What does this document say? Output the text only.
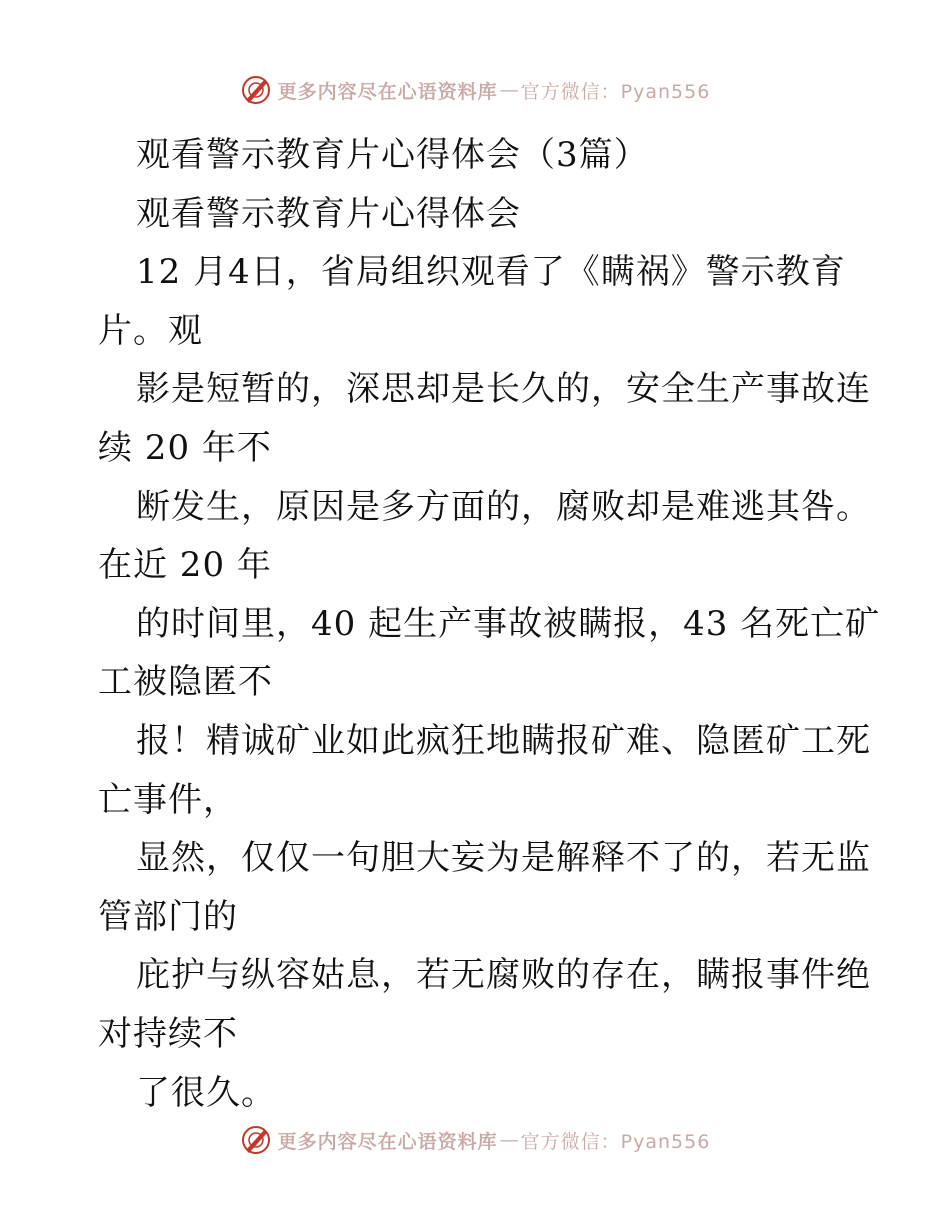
更多内容尽在心语资料库 — 官方微信：Pyan556
观看警示教育片心得体会（3篇）
观看警示教育片心得体会
12 月4日，省局组织观看了《瞒祸》警示教育
片。观
影是短暂的，深思却是长久的，安全生产事故连
续 20 年不
断发生，原因是多方面的，腐败却是难逃其咎。
在近 20 年
的时间里，40 起生产事故被瞒报，43 名死亡矿
工被隐匿不
报！精诚矿业如此疯狂地瞒报矿难、隐匿矿工死
亡事件，
显然，仅仅一句胆大妄为是解释不了的，若无监
管部门的
庇护与纵容姑息，若无腐败的存在，瞒报事件绝
对持续不
了很久。
更多内容尽在心语资料库 — 官方微信：Pyan556
